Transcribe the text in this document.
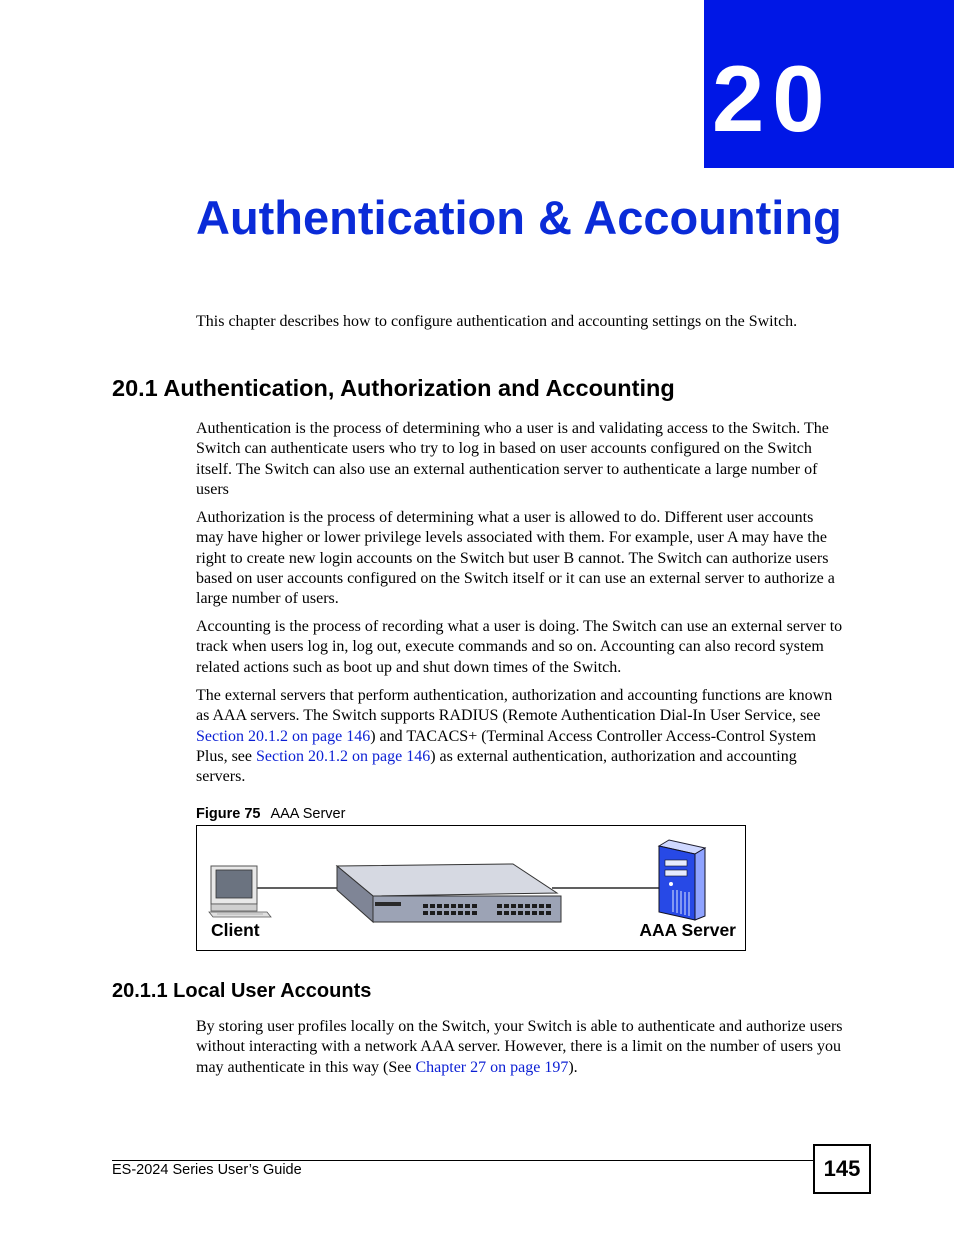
20
Authentication & Accounting

This chapter describes how to configure authentication and accounting settings on the Switch.

20.1 Authentication, Authorization and Accounting

Authentication is the process of determining who a user is and validating access to the Switch. The Switch can authenticate users who try to log in based on user accounts configured on the Switch itself. The Switch can also use an external authentication server to authenticate a large number of users

Authorization is the process of determining what a user is allowed to do. Different user accounts may have higher or lower privilege levels associated with them. For example, user A may have the right to create new login accounts on the Switch but user B cannot. The Switch can authorize users based on user accounts configured on the Switch itself or it can use an external server to authorize a large number of users.

Accounting is the process of recording what a user is doing. The Switch can use an external server to track when users log in, log out, execute commands and so on. Accounting can also record system related actions such as boot up and shut down times of the Switch.

The external servers that perform authentication, authorization and accounting functions are known as AAA servers. The Switch supports RADIUS (Remote Authentication Dial-In User Service, see Section 20.1.2 on page 146) and TACACS+ (Terminal Access Controller Access-Control System Plus, see Section 20.1.2 on page 146) as external authentication, authorization and accounting servers.

Figure 75 AAA Server
Client	AAA Server
20.1.1 Local User Accounts

By storing user profiles locally on the Switch, your Switch is able to authenticate and authorize users without interacting with a network AAA server. However, there is a limit on the number of users you may authenticate in this way (See Chapter 27 on page 197).

ES-2024 Series User’s Guide	145
